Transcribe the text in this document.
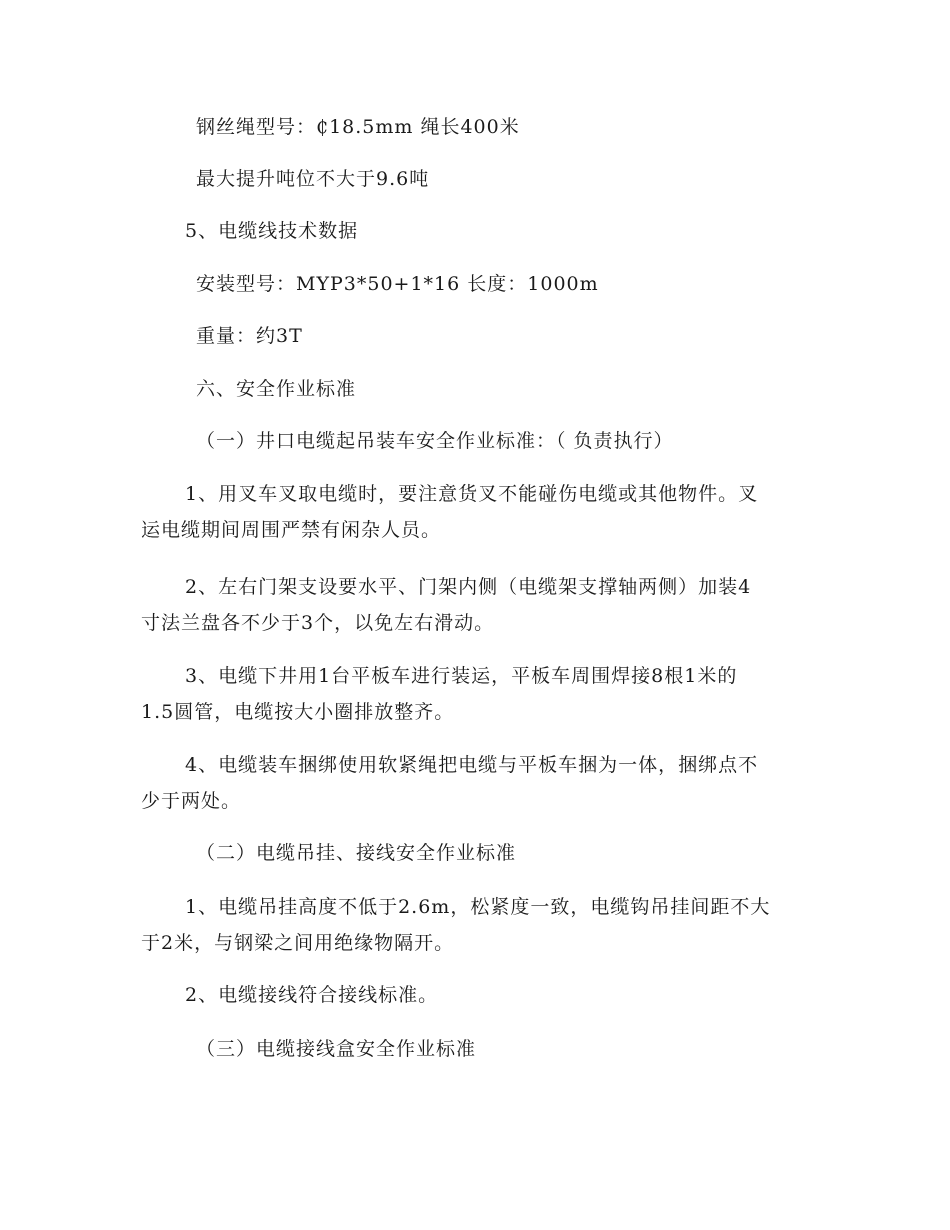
钢丝绳型号：₵18.5mm 绳长400米
最大提升吨位不大于9.6吨
5、电缆线技术数据
安装型号：MYP3*50+1*16 长度：1000m
重量：约3T
六、安全作业标准
（一）井口电缆起吊装车安全作业标准：（ 负责执行）
1、用叉车叉取电缆时，要注意货叉不能碰伤电缆或其他物件。叉
运电缆期间周围严禁有闲杂人员。
2、左右门架支设要水平、门架内侧（电缆架支撑轴两侧）加装4
寸法兰盘各不少于3个，以免左右滑动。
3、电缆下井用1台平板车进行装运，平板车周围焊接8根1米的
1.5圆管，电缆按大小圈排放整齐。
4、电缆装车捆绑使用软紧绳把电缆与平板车捆为一体，捆绑点不
少于两处。
（二）电缆吊挂、接线安全作业标准
1、电缆吊挂高度不低于2.6m，松紧度一致，电缆钩吊挂间距不大
于2米，与钢梁之间用绝缘物隔开。
2、电缆接线符合接线标准。
（三）电缆接线盒安全作业标准
